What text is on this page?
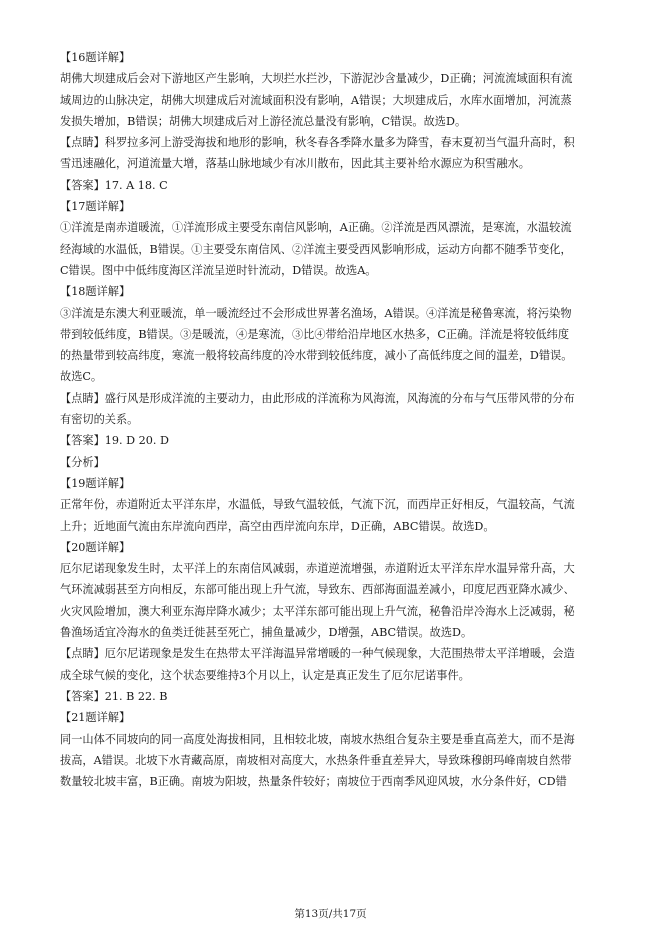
【16题详解】
胡佛大坝建成后会对下游地区产生影响，大坝拦水拦沙，下游泥沙含量减少，D正确；河流流域面积有流
域周边的山脉决定，胡佛大坝建成后对流域面积没有影响，A错误；大坝建成后，水库水面增加，河流蒸
发损失增加，B错误；胡佛大坝建成后对上游径流总量没有影响，C错误。故选D。
【点睛】科罗拉多河上游受海拔和地形的影响，秋冬春各季降水量多为降雪，春末夏初当气温升高时，积
雪迅速融化，河道流量大增，落基山脉地域少有冰川散布，因此其主要补给水源应为积雪融水。
【答案】17. A 18. C
【17题详解】
①洋流是南赤道暖流，①洋流形成主要受东南信风影响，A正确。②洋流是西风漂流，是寒流，水温较流
经海域的水温低，B错误。①主要受东南信风、②洋流主要受西风影响形成，运动方向都不随季节变化，
C错误。图中中低纬度海区洋流呈逆时针流动，D错误。故选A。
【18题详解】
③洋流是东澳大利亚暖流，单一暖流经过不会形成世界著名渔场，A错误。④洋流是秘鲁寒流，将污染物
带到较低纬度，B错误。③是暖流，④是寒流，③比④带给沿岸地区水热多，C正确。洋流是将较低纬度
的热量带到较高纬度，寒流一般将较高纬度的冷水带到较低纬度，减小了高低纬度之间的温差，D错误。
故选C。
【点睛】盛行风是形成洋流的主要动力，由此形成的洋流称为风海流，风海流的分布与气压带风带的分布
有密切的关系。
【答案】19. D 20. D
【分析】
【19题详解】
正常年份，赤道附近太平洋东岸，水温低，导致气温较低，气流下沉，而西岸正好相反，气温较高，气流
上升；近地面气流由东岸流向西岸，高空由西岸流向东岸，D正确，ABC错误。故选D。
【20题详解】
厄尔尼诺现象发生时，太平洋上的东南信风减弱，赤道逆流增强，赤道附近太平洋东岸水温异常升高，大
气环流减弱甚至方向相反，东部可能出现上升气流，导致东、西部海面温差减小，印度尼西亚降水减少、
火灾风险增加，澳大利亚东海岸降水减少；太平洋东部可能出现上升气流，秘鲁沿岸冷海水上泛减弱，秘
鲁渔场适宜冷海水的鱼类迁徙甚至死亡，捕鱼量减少，D增强，ABC错误。故选D。
【点睛】厄尔尼诺现象是发生在热带太平洋海温异常增暖的一种气候现象，大范围热带太平洋增暖，会造
成全球气候的变化，这个状态要维持3个月以上，认定是真正发生了厄尔尼诺事件。
【答案】21. B 22. B
【21题详解】
同一山体不同坡向的同一高度处海拔相同，且相较北坡，南坡水热组合复杂主要是垂直高差大，而不是海
拔高，A错误。北坡下水青藏高原，南坡相对高度大，水热条件垂直差异大，导致珠穆朗玛峰南坡自然带
数量较北坡丰富，B正确。南坡为阳坡，热量条件较好；南坡位于西南季风迎风坡，水分条件好，CD错
第13页/共17页
